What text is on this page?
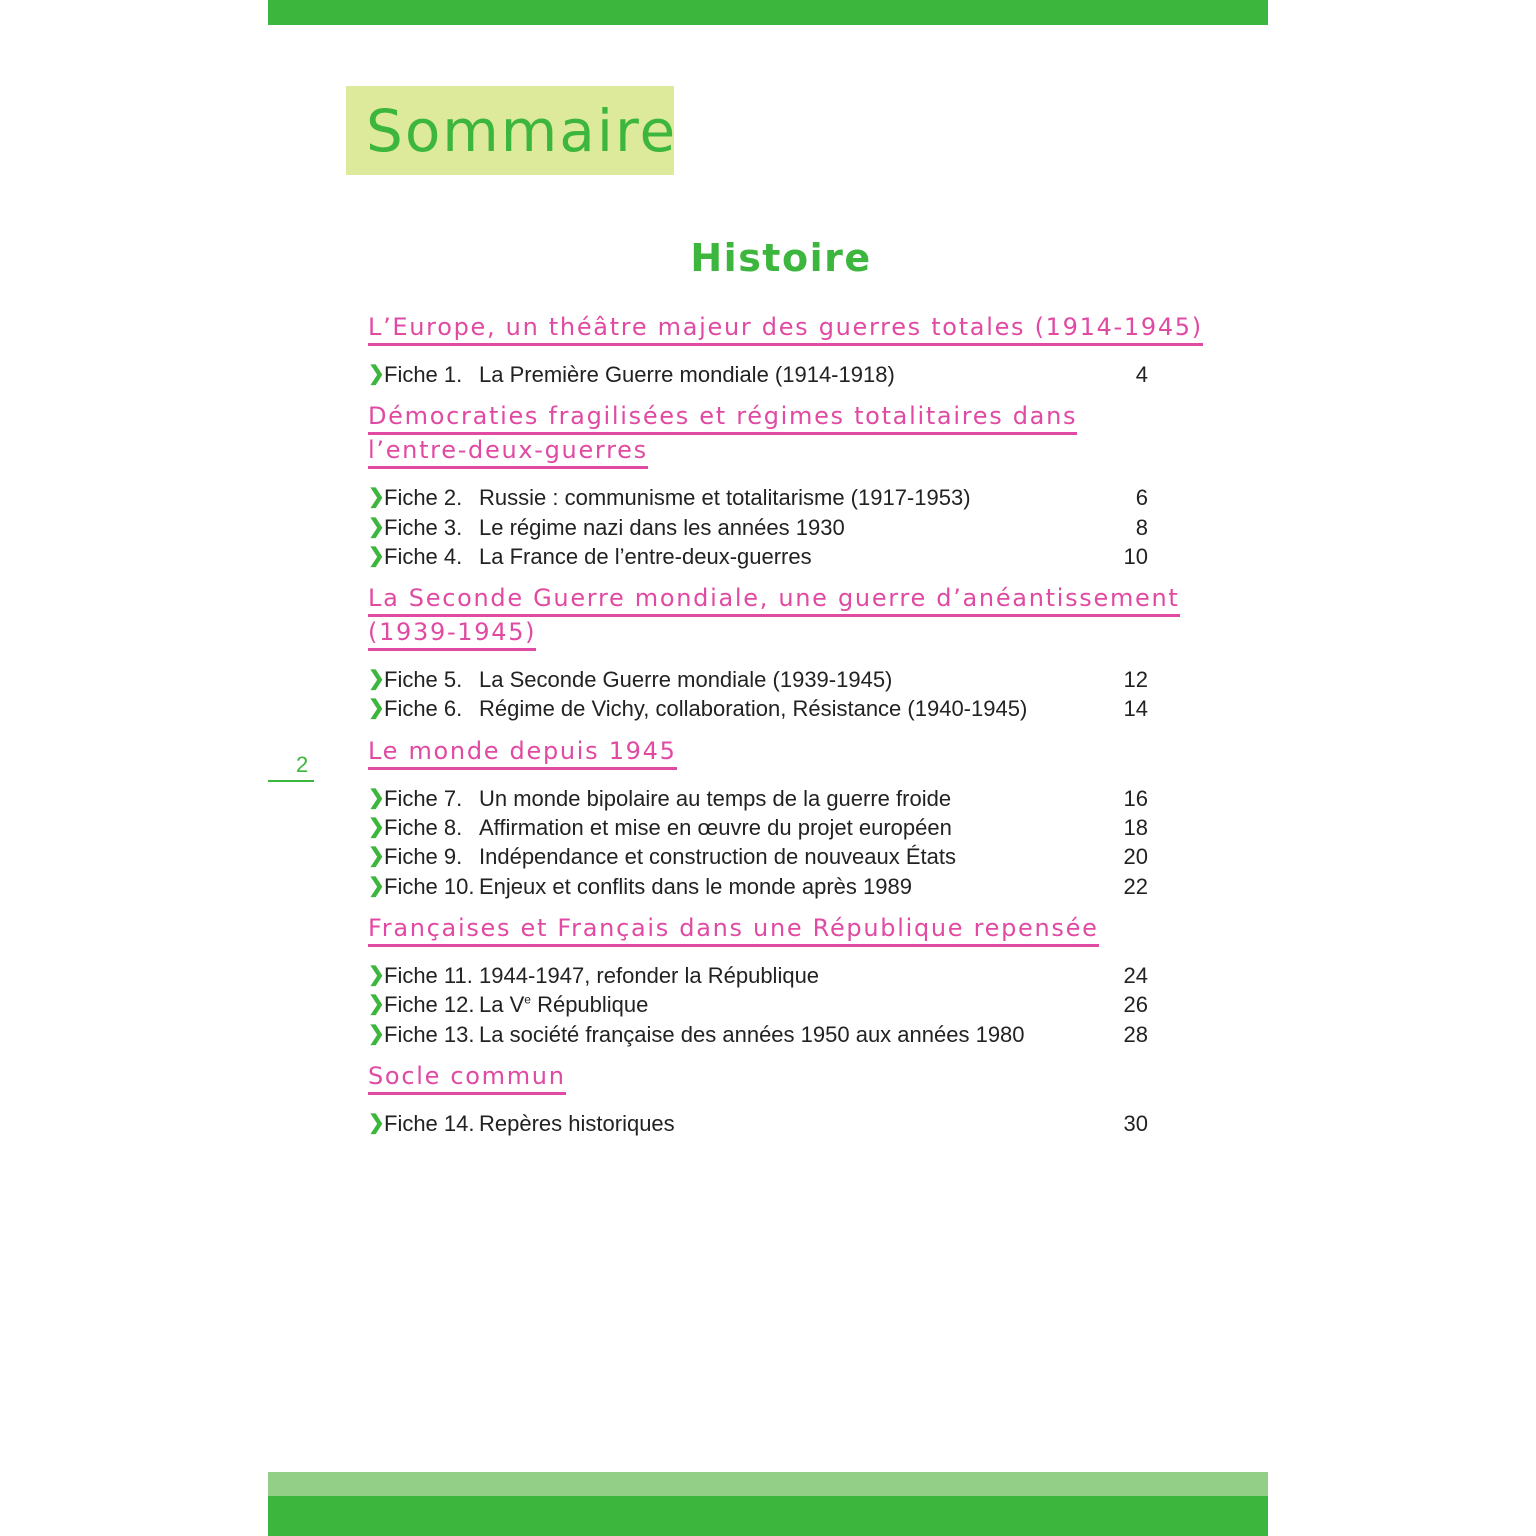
Sommaire
Histoire
2
L’Europe, un théâtre majeur des guerres totales (1914-1945)
❯ Fiche 1. La Première Guerre mondiale (1914-1918)	4
Démocraties fragilisées et régimes totalitaires dans
l’entre-deux-guerres
❯ Fiche 2. Russie : communisme et totalitarisme (1917-1953)	6
❯ Fiche 3. Le régime nazi dans les années 1930	8
❯ Fiche 4. La France de l’entre-deux-guerres	10
La Seconde Guerre mondiale, une guerre d’anéantissement
(1939-1945)
❯ Fiche 5. La Seconde Guerre mondiale (1939-1945)	12
❯ Fiche 6. Régime de Vichy, collaboration, Résistance (1940-1945)	14
Le monde depuis 1945
❯ Fiche 7. Un monde bipolaire au temps de la guerre froide	16
❯ Fiche 8. Affirmation et mise en œuvre du projet européen	18
❯ Fiche 9. Indépendance et construction de nouveaux États	20
❯ Fiche 10. Enjeux et conflits dans le monde après 1989	22
Françaises et Français dans une République repensée
❯ Fiche 11. 1944-1947, refonder la République	24
❯ Fiche 12. La Ve République	26
❯ Fiche 13. La société française des années 1950 aux années 1980	28
Socle commun
❯ Fiche 14. Repères historiques	30
